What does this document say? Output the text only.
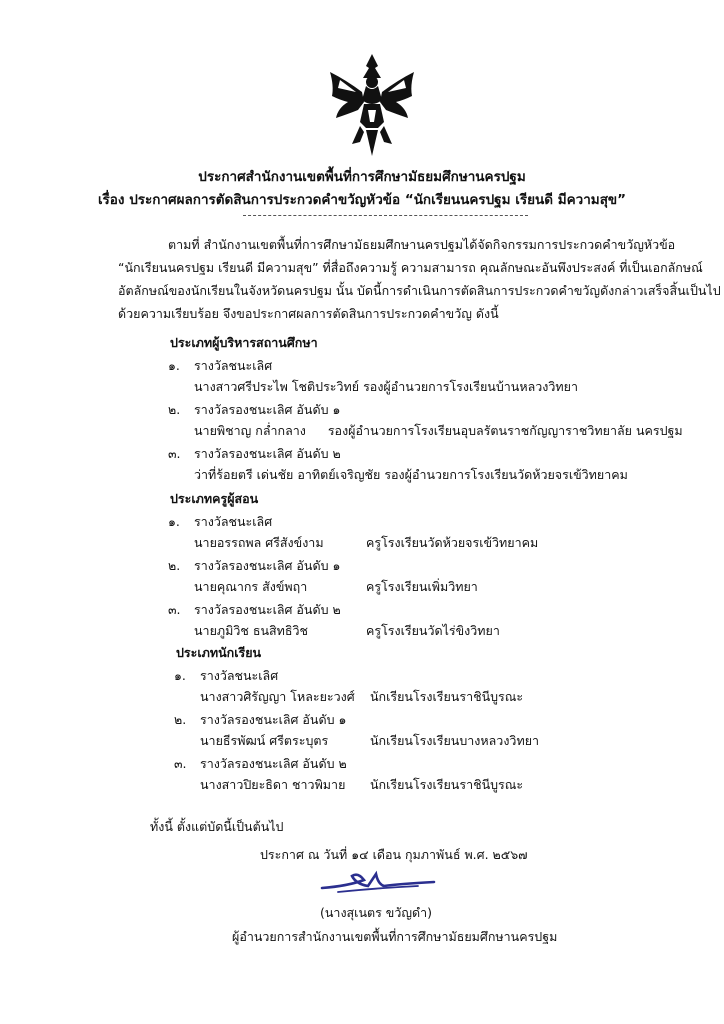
ประกาศสำนักงานเขตพื้นที่การศึกษามัธยมศึกษานครปฐม
เรื่อง ประกาศผลการตัดสินการประกวดคำขวัญหัวข้อ “นักเรียนนครปฐม เรียนดี มีความสุข”
ตามที่ สำนักงานเขตพื้นที่การศึกษามัธยมศึกษานครปฐมได้จัดกิจกรรมการประกวดคำขวัญหัวข้อ
“นักเรียนนครปฐม เรียนดี มีความสุข” ที่สื่อถึงความรู้ ความสามารถ คุณลักษณะอันพึงประสงค์ ที่เป็นเอกลักษณ์
อัตลักษณ์ของนักเรียนในจังหวัดนครปฐม นั้น บัดนี้การดำเนินการตัดสินการประกวดคำขวัญดังกล่าวเสร็จสิ้นเป็นไป
ด้วยความเรียบร้อย จึงขอประกาศผลการตัดสินการประกวดคำขวัญ ดังนี้
ประเภทผู้บริหารสถานศึกษา
๑. รางวัลชนะเลิศ
นางสาวศรีประไพ โชติประวิทย์ รองผู้อำนวยการโรงเรียนบ้านหลวงวิทยา
๒. รางวัลรองชนะเลิศ อันดับ ๑
นายพิชาญ กล่ำกลาง รองผู้อำนวยการโรงเรียนอุบลรัตนราชกัญญาราชวิทยาลัย นครปฐม
๓. รางวัลรองชนะเลิศ อันดับ ๒
ว่าที่ร้อยตรี เด่นชัย อาทิตย์เจริญชัย รองผู้อำนวยการโรงเรียนวัดห้วยจรเข้วิทยาคม
ประเภทครูผู้สอน
๑. รางวัลชนะเลิศ
นายอรรถพล ศรีสังข์งาม	ครูโรงเรียนวัดห้วยจรเข้วิทยาคม
๒. รางวัลรองชนะเลิศ อันดับ ๑
นายคุณากร สังข์พฤา	ครูโรงเรียนเพิ่มวิทยา
๓. รางวัลรองชนะเลิศ อันดับ ๒
นายภูมิวิช ธนสิทธิวิช	ครูโรงเรียนวัดไร่ขิงวิทยา
ประเภทนักเรียน
๑. รางวัลชนะเลิศ
นางสาวศิรัญญา โหละยะวงศ์ นักเรียนโรงเรียนราชินีบูรณะ
๒. รางวัลรองชนะเลิศ อันดับ ๑
นายธีรพัฒน์ ศรีตระบุตร	นักเรียนโรงเรียนบางหลวงวิทยา
๓. รางวัลรองชนะเลิศ อันดับ ๒
นางสาวปิยะธิดา ชาวพิมาย นักเรียนโรงเรียนราชินีบูรณะ
ทั้งนี้ ตั้งแต่บัดนี้เป็นต้นไป
ประกาศ ณ วันที่ ๑๔ เดือน กุมภาพันธ์ พ.ศ. ๒๕๖๗
(นางสุเนตร ขวัญดำ)
ผู้อำนวยการสำนักงานเขตพื้นที่การศึกษามัธยมศึกษานครปฐม
